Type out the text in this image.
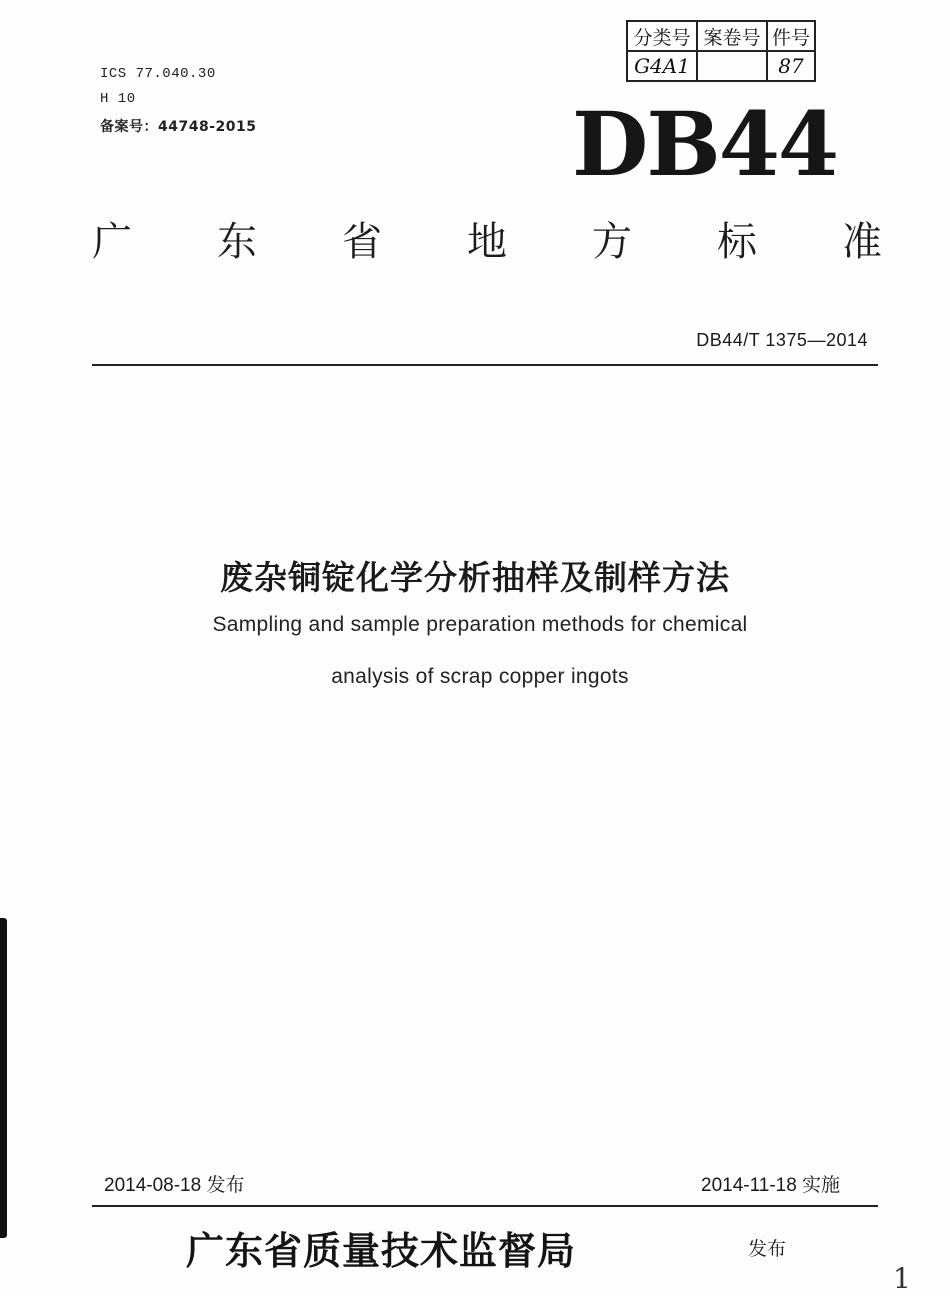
ICS 77.040.30
H 10
备案号：44748-2015
分类号	案卷号	件号
G4A1		87
DB44
广 东 省 地 方 标 准
DB44/T 1375—2014
废杂铜锭化学分析抽样及制样方法
Sampling and sample preparation methods for chemical
analysis of scrap copper ingots
2014-08-18 发布	2014-11-18 实施
广东省质量技术监督局	发布
1
